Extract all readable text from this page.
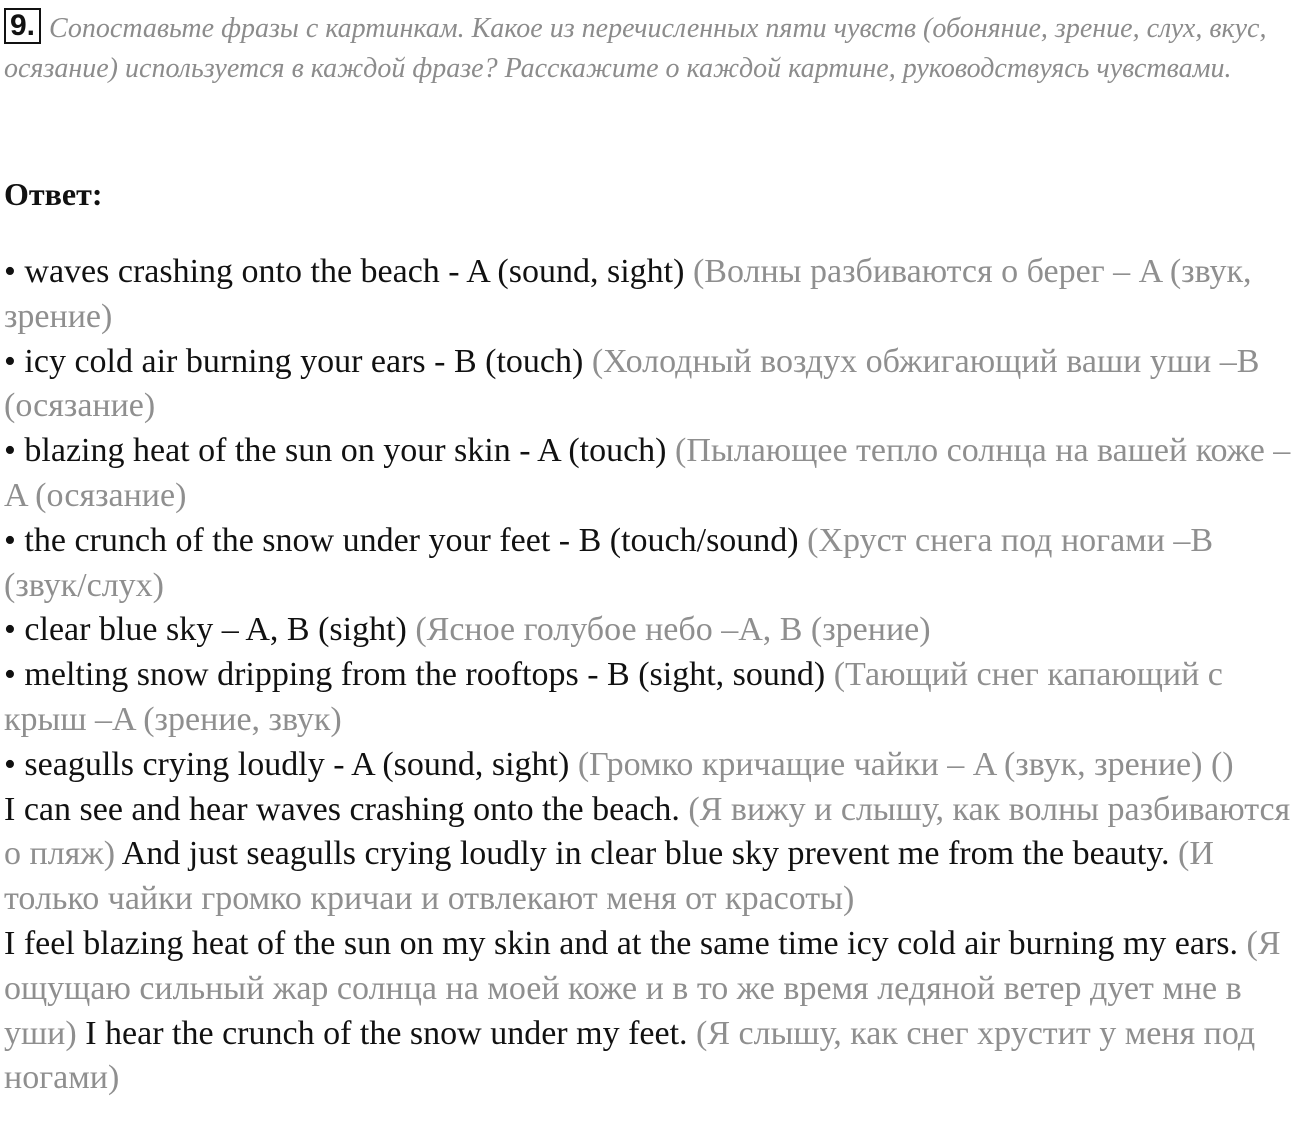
9. Сопоставьте фразы с картинкам. Какое из перечисленных пяти чувств (обоняние, зрение, слух, вкус, осязание) используется в каждой фразе? Расскажите о каждой картине, руководствуясь чувствами.
Ответ:

• waves crashing onto the beach - A (sound, sight) (Волны разбиваются о берег – A (звук, зрение)

• icy cold air burning your ears - B (touch) (Холодный воздух обжигающий ваши уши –B (осязание)

• blazing heat of the sun on your skin - A (touch) (Пылающее тепло солнца на вашей коже –A (осязание)

• the crunch of the snow under your feet - B (touch/sound) (Хруст снега под ногами –B (звук/слух)

• clear blue sky – A, B (sight) (Ясное голубое небо –A, B (зрение)

• melting snow dripping from the rooftops - B (sight, sound) (Тающий снег капающий с крыш –A (зрение, звук)

• seagulls crying loudly - A (sound, sight) (Громко кричащие чайки – A (звук, зрение) ()

I can see and hear waves crashing onto the beach. (Я вижу и слышу, как волны разбиваются о пляж) And just seagulls crying loudly in clear blue sky prevent me from the beauty. (И только чайки громко кричаи и отвлекают меня от красоты)

I feel blazing heat of the sun on my skin and at the same time icy cold air burning my ears. (Я ощущаю сильный жар солнца на моей коже и в то же время ледяной ветер дует мне в уши) I hear the crunch of the snow under my feet. (Я слышу, как снег хрустит у меня под ногами)
